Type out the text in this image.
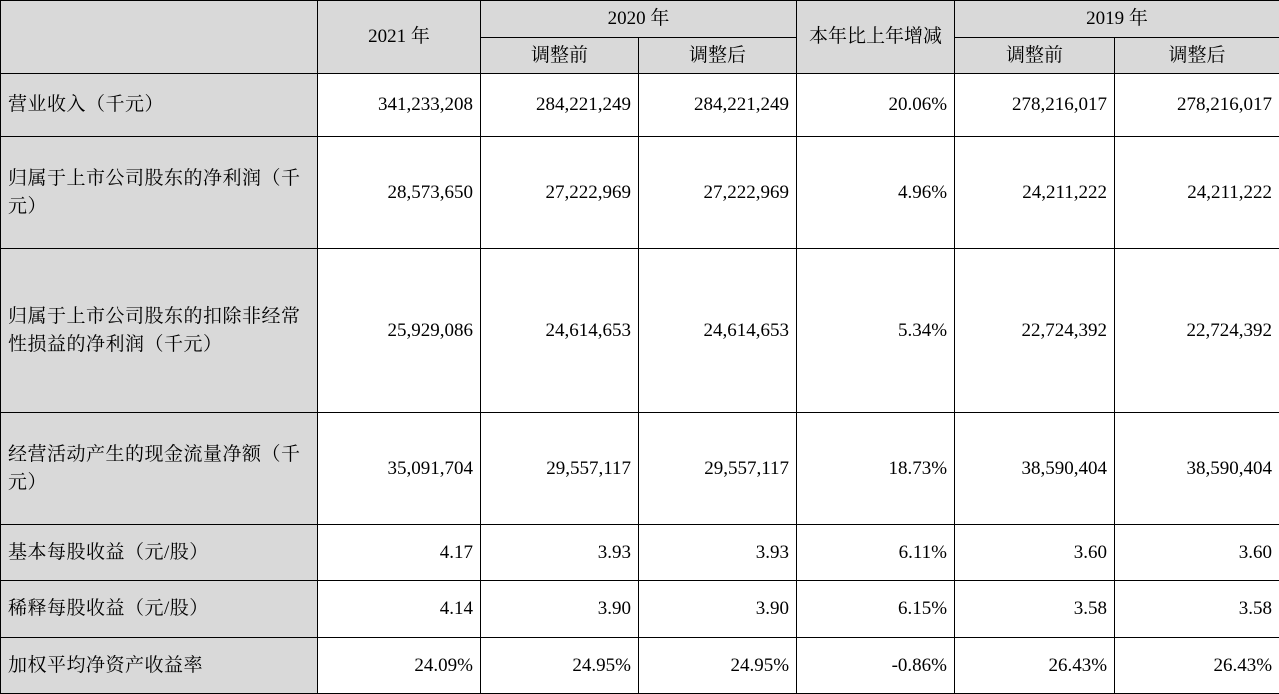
	2021 年	2020 年		本年比上年增减	2019 年	
		调整前	调整后		调整前	调整后
营业收入（千元）	341,233,208	284,221,249	284,221,249	20.06%	278,216,017	278,216,017
归属于上市公司股东的净利润（千元）	28,573,650	27,222,969	27,222,969	4.96%	24,211,222	24,211,222
归属于上市公司股东的扣除非经常性损益的净利润（千元）	25,929,086	24,614,653	24,614,653	5.34%	22,724,392	22,724,392
经营活动产生的现金流量净额（千元）	35,091,704	29,557,117	29,557,117	18.73%	38,590,404	38,590,404
基本每股收益（元/股）	4.17	3.93	3.93	6.11%	3.60	3.60
稀释每股收益（元/股）	4.14	3.90	3.90	6.15%	3.58	3.58
加权平均净资产收益率	24.09%	24.95%	24.95%	-0.86%	26.43%	26.43%
